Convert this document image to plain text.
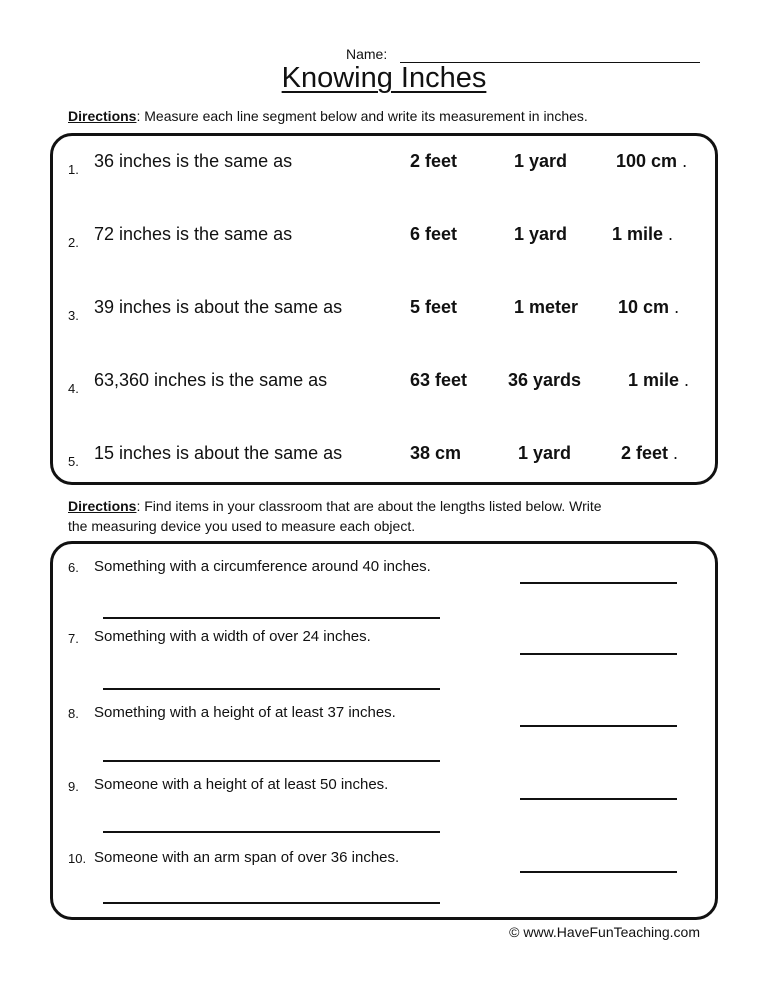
Name:
Knowing Inches
Directions: Measure each line segment below and write its measurement in inches.
1. 36 inches is the same as	2 feet	1 yard	100 cm .
2. 72 inches is the same as	6 feet	1 yard 1 mile .
3. 39 inches is about the same as	5 feet	1 meter 10 cm .
4. 63,360 inches is the same as	63 feet 36 yards	1 mile .
5. 15 inches is about the same as	38 cm	1 yard	2 feet .
Directions: Find items in your classroom that are about the lengths listed below. Write
the measuring device you used to measure each object.
6. Something with a circumference around 40 inches.
7. Something with a width of over 24 inches.
8. Something with a height of at least 37 inches.
9. Someone with a height of at least 50 inches.
10. Someone with an arm span of over 36 inches.
© www.HaveFunTeaching.com
